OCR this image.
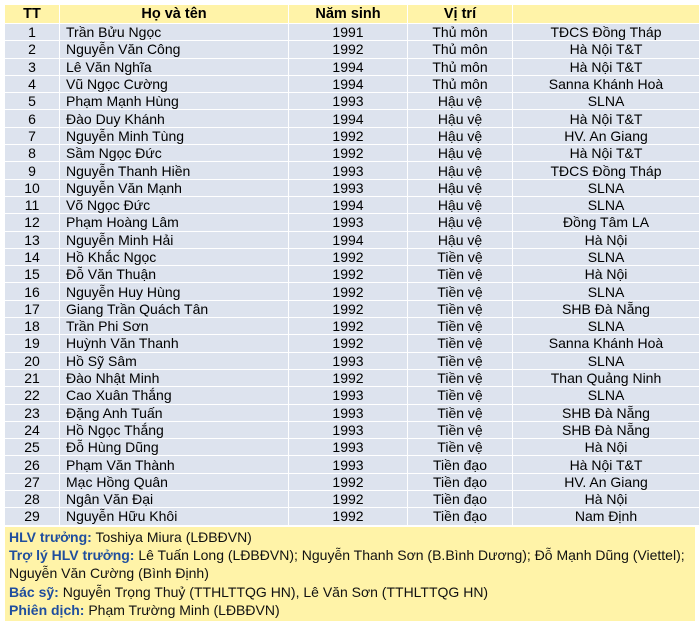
TT	Họ và tên	Năm sinh	Vị trí	
1	Trần Bửu Ngọc	1991	Thủ môn	TĐCS Đồng Tháp
2	Nguyễn Văn Công	1992	Thủ môn	Hà Nội T&T
3	Lê Văn Nghĩa	1994	Thủ môn	Hà Nội T&T
4	Vũ Ngọc Cường	1994	Thủ môn	Sanna Khánh Hoà
5	Phạm Mạnh Hùng	1993	Hậu vệ	SLNA
6	Đào Duy Khánh	1994	Hậu vệ	Hà Nội T&T
7	Nguyễn Minh Tùng	1992	Hậu vệ	HV. An Giang
8	Sầm Ngọc Đức	1992	Hậu vệ	Hà Nội T&T
9	Nguyễn Thanh Hiền	1993	Hậu vệ	TĐCS Đồng Tháp
10	Nguyễn Văn Mạnh	1993	Hậu vệ	SLNA
11	Võ Ngọc Đức	1994	Hậu vệ	SLNA
12	Phạm Hoàng Lâm	1993	Hậu vệ	Đồng Tâm LA
13	Nguyễn Minh Hải	1994	Hậu vệ	Hà Nội
14	Hồ Khắc Ngọc	1992	Tiền vệ	SLNA
15	Đỗ Văn Thuận	1992	Tiền vệ	Hà Nội
16	Nguyễn Huy Hùng	1992	Tiền vệ	SLNA
17	Giang Trần Quách Tân	1992	Tiền vệ	SHB Đà Nẵng
18	Trần Phi Sơn	1992	Tiền vệ	SLNA
19	Huỳnh Văn Thanh	1992	Tiền vệ	Sanna Khánh Hoà
20	Hồ Sỹ Sâm	1993	Tiền vệ	SLNA
21	Đào Nhật Minh	1992	Tiền vệ	Than Quảng Ninh
22	Cao Xuân Thắng	1993	Tiền vệ	SLNA
23	Đặng Anh Tuấn	1993	Tiền vệ	SHB Đà Nẵng
24	Hồ Ngọc Thắng	1993	Tiền vệ	SHB Đà Nẵng
25	Đỗ Hùng Dũng	1993	Tiền vệ	Hà Nội
26	Phạm Văn Thành	1993	Tiền đạo	Hà Nội T&T
27	Mạc Hồng Quân	1992	Tiền đạo	HV. An Giang
28	Ngân Văn Đại	1992	Tiền đạo	Hà Nội
29	Nguyễn Hữu Khôi	1992	Tiền đạo	Nam Định
HLV trưởng: Toshiya Miura (LĐBĐVN)
Trợ lý HLV trưởng: Lê Tuấn Long (LĐBĐVN); Nguyễn Thanh Sơn (B.Bình Dương); Đỗ Mạnh Dũng (Viettel); Nguyễn Văn Cường (Bình Định)
Bác sỹ: Nguyễn Trọng Thuỷ (TTHLTTQG HN), Lê Văn Sơn (TTHLTTQG HN)
Phiên dịch: Phạm Trường Minh (LĐBĐVN)
